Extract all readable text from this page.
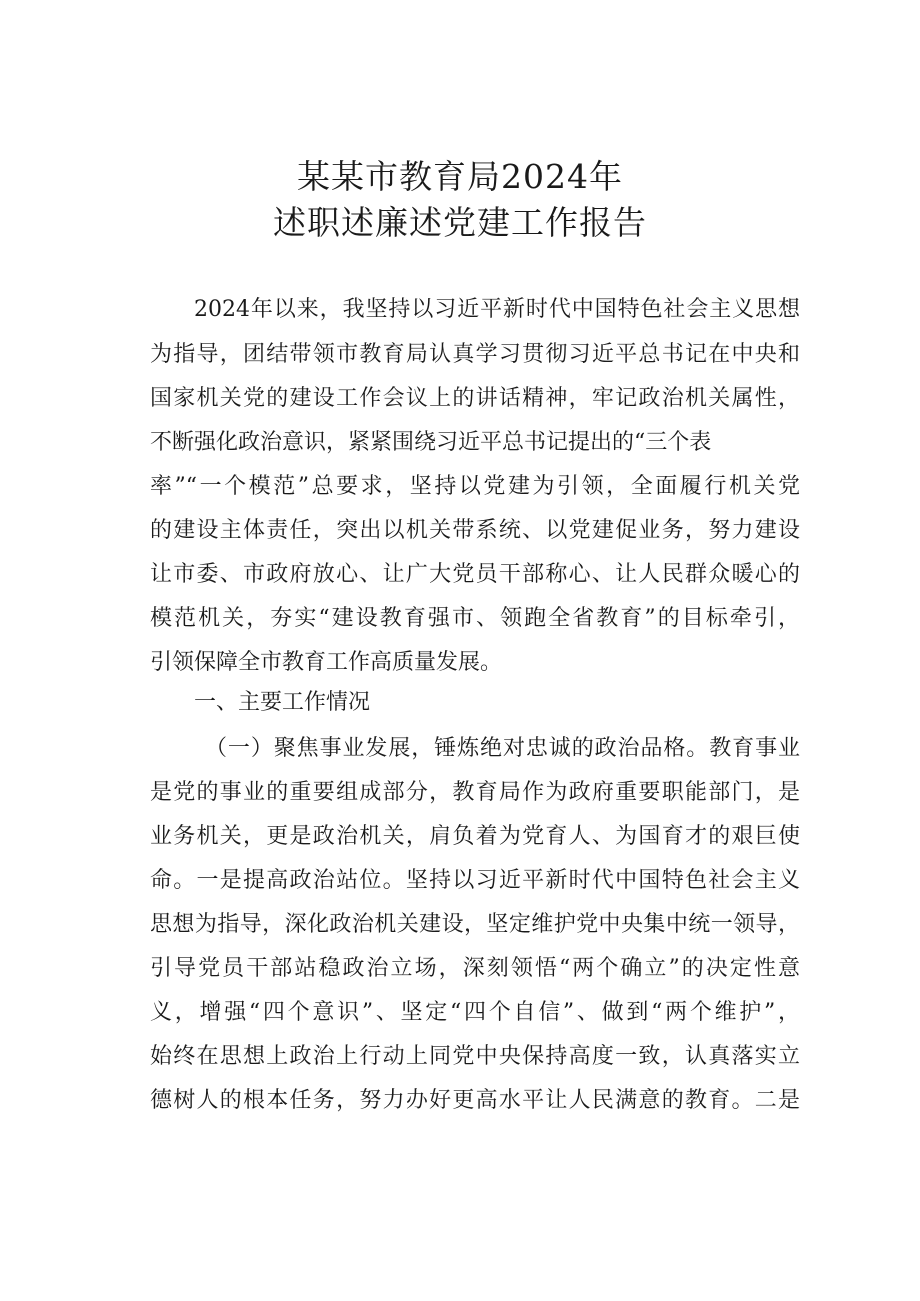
某某市教育局2024年
述职述廉述党建工作报告
2024年以来，我坚持以习近平新时代中国特色社会主义思想
为指导，团结带领市教育局认真学习贯彻习近平总书记在中央和
国家机关党的建设工作会议上的讲话精神，牢记政治机关属性，
不断强化政治意识，紧紧围绕习近平总书记提出的“三个表
率”“一个模范”总要求，坚持以党建为引领，全面履行机关党
的建设主体责任，突出以机关带系统、以党建促业务，努力建设
让市委、市政府放心、让广大党员干部称心、让人民群众暖心的
模范机关，夯实“建设教育强市、领跑全省教育”的目标牵引，
引领保障全市教育工作高质量发展。
一、主要工作情况
（一）聚焦事业发展，锤炼绝对忠诚的政治品格。教育事业
是党的事业的重要组成部分，教育局作为政府重要职能部门，是
业务机关，更是政治机关，肩负着为党育人、为国育才的艰巨使
命。一是提高政治站位。坚持以习近平新时代中国特色社会主义
思想为指导，深化政治机关建设，坚定维护党中央集中统一领导，
引导党员干部站稳政治立场，深刻领悟“两个确立”的决定性意
义，增强“四个意识”、坚定“四个自信”、做到“两个维护”，
始终在思想上政治上行动上同党中央保持高度一致，认真落实立
德树人的根本任务，努力办好更高水平让人民满意的教育。二是
